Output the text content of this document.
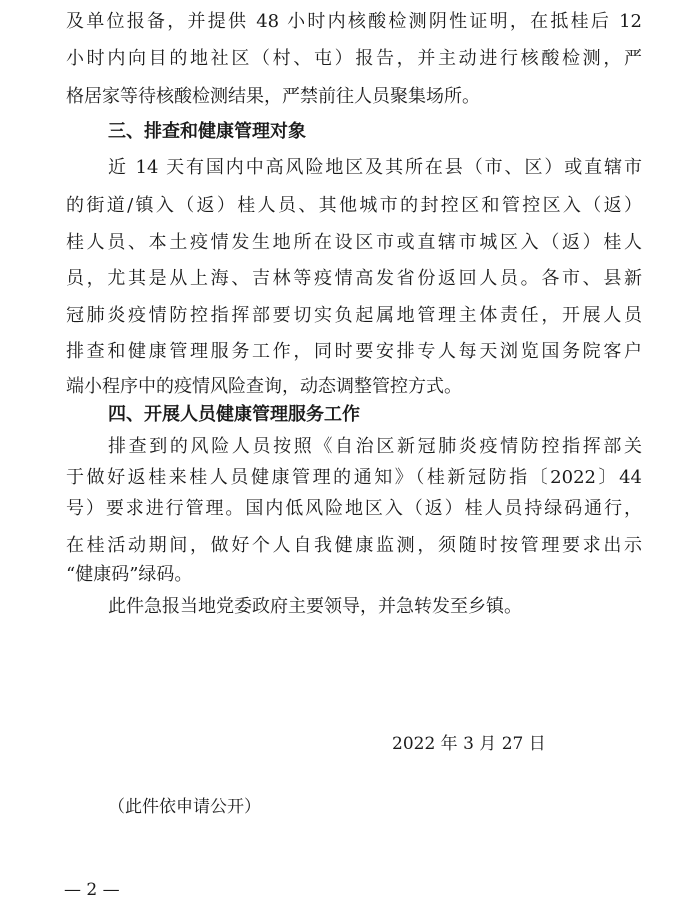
及单位报备，并提供 48 小时内核酸检测阴性证明，在抵桂后 12
小时内向目的地社区（村、屯）报告，并主动进行核酸检测，严
格居家等待核酸检测结果，严禁前往人员聚集场所。
三、排查和健康管理对象
近 14 天有国内中高风险地区及其所在县（市、区）或直辖市
的街道/镇入（返）桂人员、其他城市的封控区和管控区入（返）
桂人员、本土疫情发生地所在设区市或直辖市城区入（返）桂人
员，尤其是从上海、吉林等疫情高发省份返回人员。各市、县新
冠肺炎疫情防控指挥部要切实负起属地管理主体责任，开展人员
排查和健康管理服务工作，同时要安排专人每天浏览国务院客户
端小程序中的疫情风险查询，动态调整管控方式。
四、开展人员健康管理服务工作
排查到的风险人员按照《自治区新冠肺炎疫情防控指挥部关
于做好返桂来桂人员健康管理的通知》（桂新冠防指〔2022〕44
号）要求进行管理。国内低风险地区入（返）桂人员持绿码通行，
在桂活动期间，做好个人自我健康监测，须随时按管理要求出示
“健康码”绿码。
此件急报当地党委政府主要领导，并急转发至乡镇。
2022 年 3 月 27 日
（此件依申请公开）
— 2 —
